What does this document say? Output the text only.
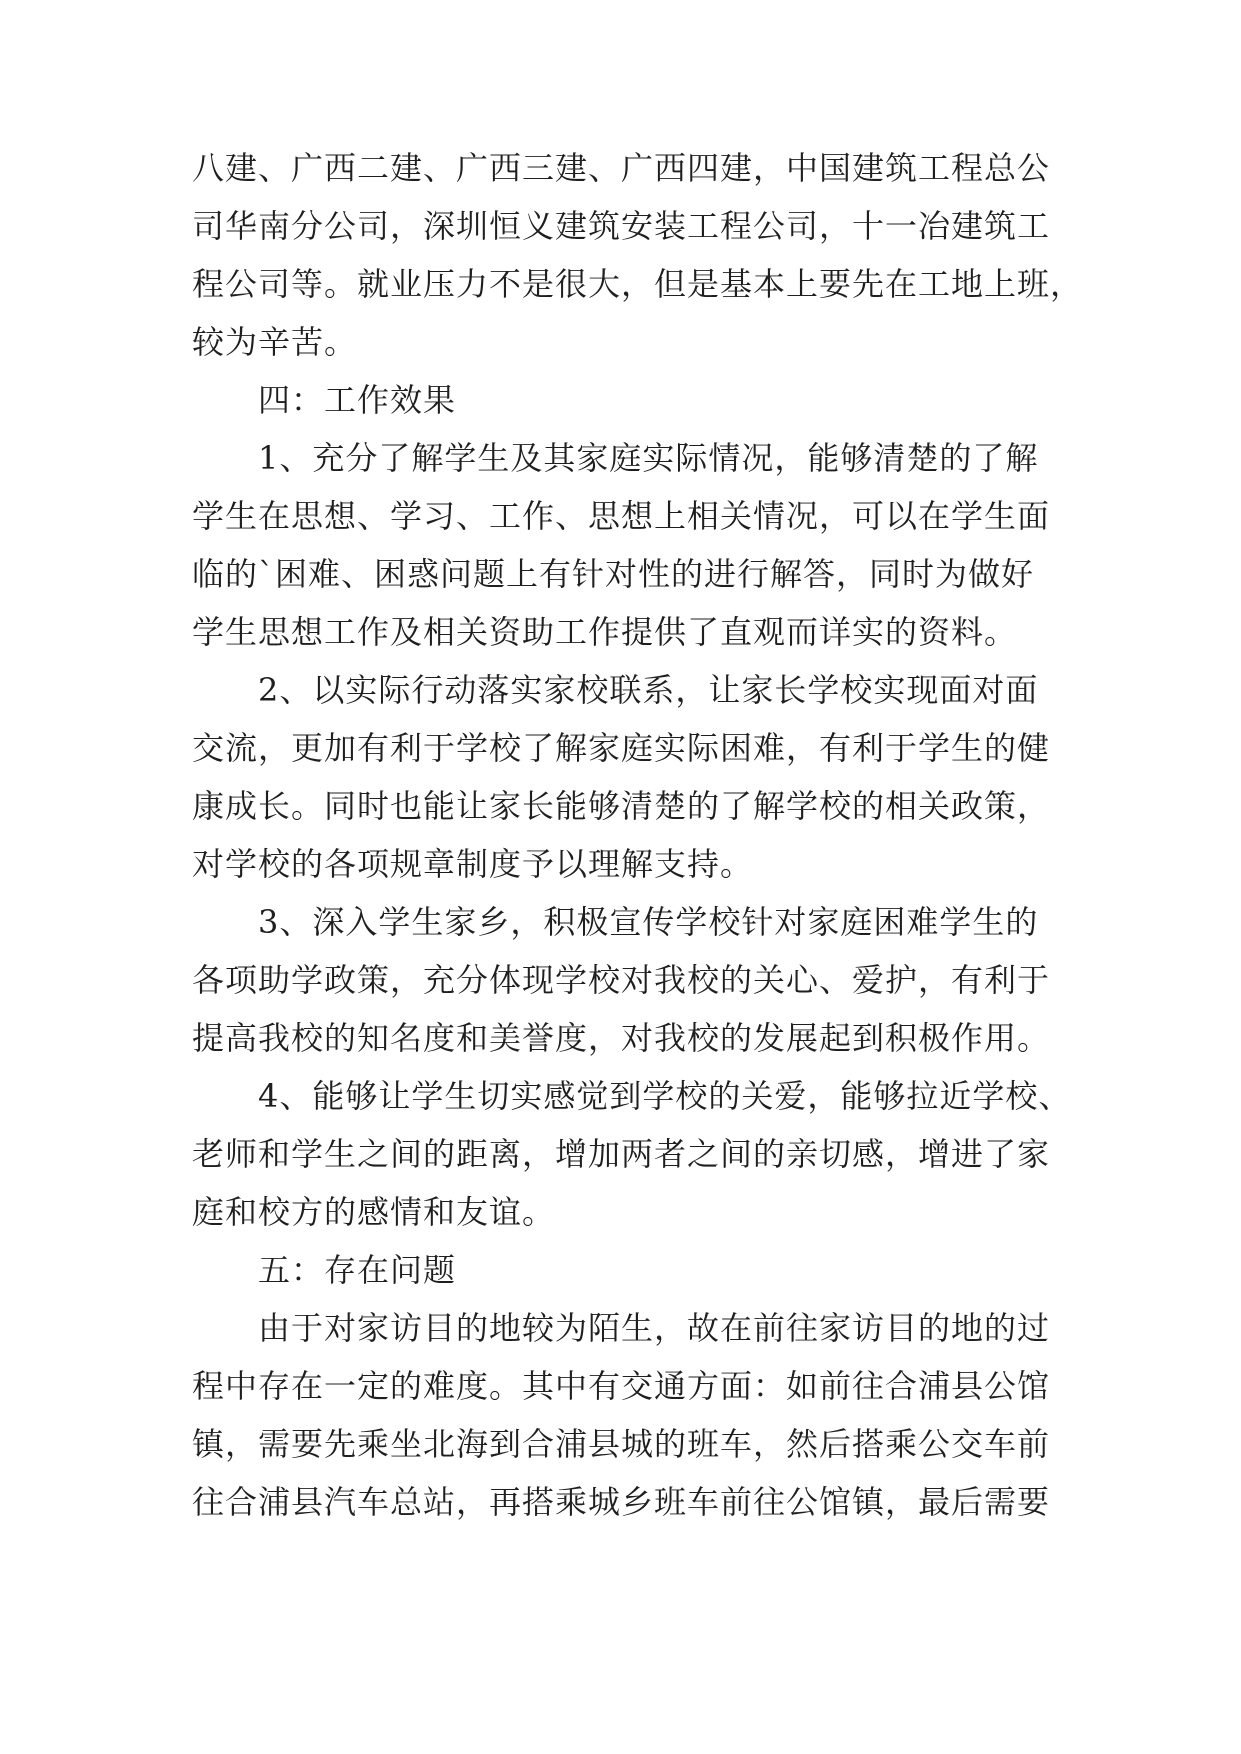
八建、广西二建、广西三建、广西四建，中国建筑工程总公
司华南分公司，深圳恒义建筑安装工程公司，十一冶建筑工
程公司等。就业压力不是很大，但是基本上要先在工地上班，
较为辛苦。
四：工作效果
1、充分了解学生及其家庭实际情况，能够清楚的了解
学生在思想、学习、工作、思想上相关情况，可以在学生面
临的`困难、困惑问题上有针对性的进行解答，同时为做好
学生思想工作及相关资助工作提供了直观而详实的资料。
2、以实际行动落实家校联系，让家长学校实现面对面
交流，更加有利于学校了解家庭实际困难，有利于学生的健
康成长。同时也能让家长能够清楚的了解学校的相关政策，
对学校的各项规章制度予以理解支持。
3、深入学生家乡，积极宣传学校针对家庭困难学生的
各项助学政策，充分体现学校对我校的关心、爱护，有利于
提高我校的知名度和美誉度，对我校的发展起到积极作用。
4、能够让学生切实感觉到学校的关爱，能够拉近学校、
老师和学生之间的距离，增加两者之间的亲切感，增进了家
庭和校方的感情和友谊。
五：存在问题
由于对家访目的地较为陌生，故在前往家访目的地的过
程中存在一定的难度。其中有交通方面：如前往合浦县公馆
镇，需要先乘坐北海到合浦县城的班车，然后搭乘公交车前
往合浦县汽车总站，再搭乘城乡班车前往公馆镇，最后需要
